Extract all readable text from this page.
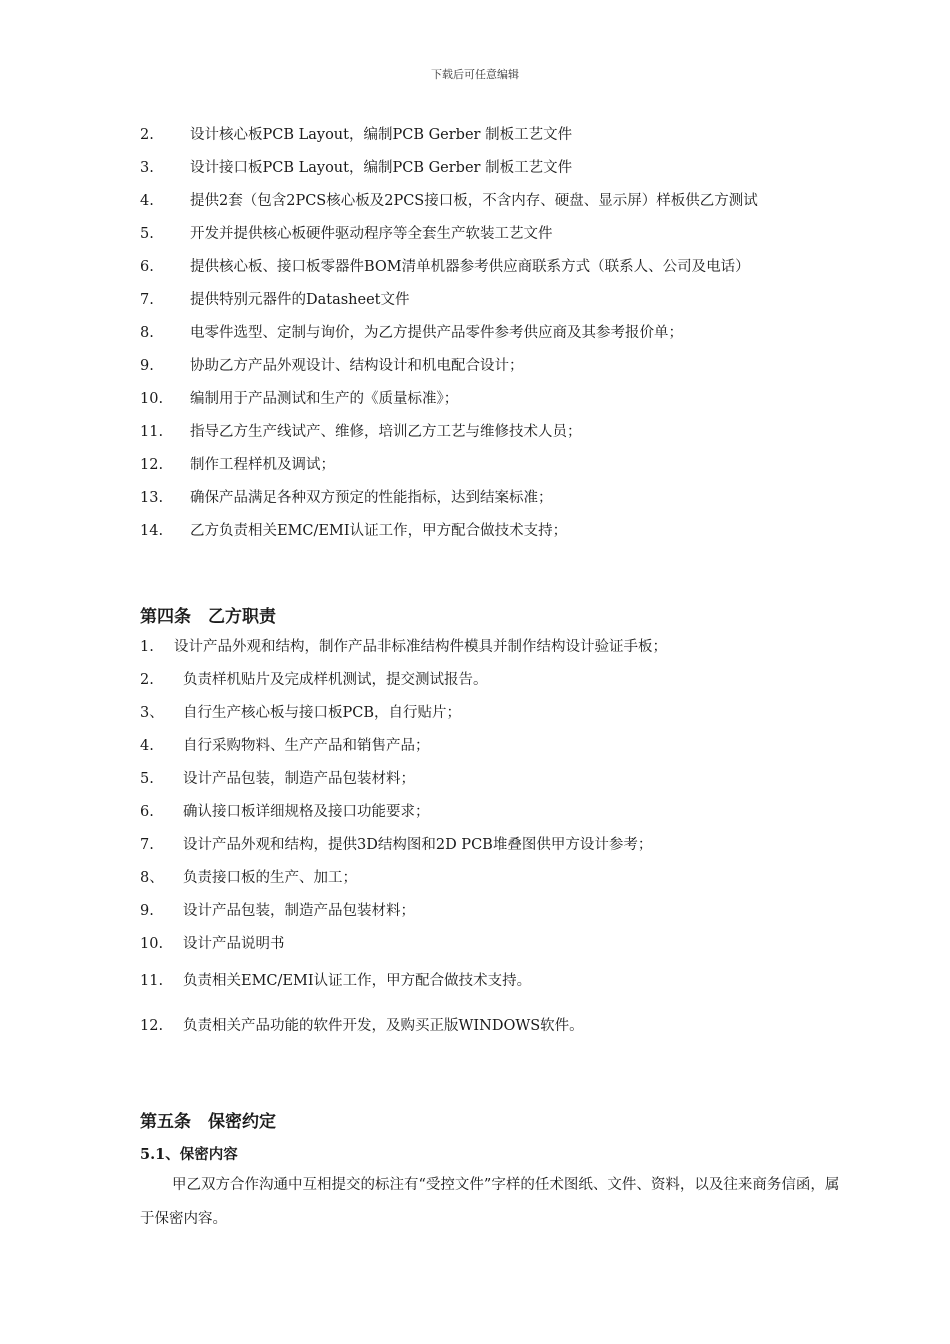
下载后可任意编辑
2. 设计核心板PCB Layout，编制PCB Gerber 制板工艺文件
3. 设计接口板PCB Layout，编制PCB Gerber 制板工艺文件
4. 提供2套（包含2PCS核心板及2PCS接口板，不含内存、硬盘、显示屏）样板供乙方测试
5. 开发并提供核心板硬件驱动程序等全套生产软装工艺文件
6. 提供核心板、接口板零器件BOM清单机器参考供应商联系方式（联系人、公司及电话）
7. 提供特别元器件的Datasheet文件
8. 电零件选型、定制与询价，为乙方提供产品零件参考供应商及其参考报价单；
9. 协助乙方产品外观设计、结构设计和机电配合设计；
10. 编制用于产品测试和生产的《质量标准》；
11. 指导乙方生产线试产、维修，培训乙方工艺与维修技术人员；
12. 制作工程样机及调试；
13. 确保产品满足各种双方预定的性能指标，达到结案标准；
14. 乙方负责相关EMC/EMI认证工作，甲方配合做技术支持；
第四条　乙方职责
1. 设计产品外观和结构，制作产品非标准结构件模具并制作结构设计验证手板；
2. 负责样机贴片及完成样机测试，提交测试报告。
3、 自行生产核心板与接口板PCB，自行贴片；
4. 自行采购物料、生产产品和销售产品；
5. 设计产品包装，制造产品包装材料；
6. 确认接口板详细规格及接口功能要求；
7. 设计产品外观和结构，提供3D结构图和2D PCB堆叠图供甲方设计参考；
8、 负责接口板的生产、加工；
9. 设计产品包装，制造产品包装材料；
10. 设计产品说明书
11. 负责相关EMC/EMI认证工作，甲方配合做技术支持。
12. 负责相关产品功能的软件开发，及购买正版WINDOWS软件。
第五条　保密约定
5.1、保密内容
甲乙双方合作沟通中互相提交的标注有“受控文件”字样的任术图纸、文件、资料，以及往来商务信函，属于保密内容。
